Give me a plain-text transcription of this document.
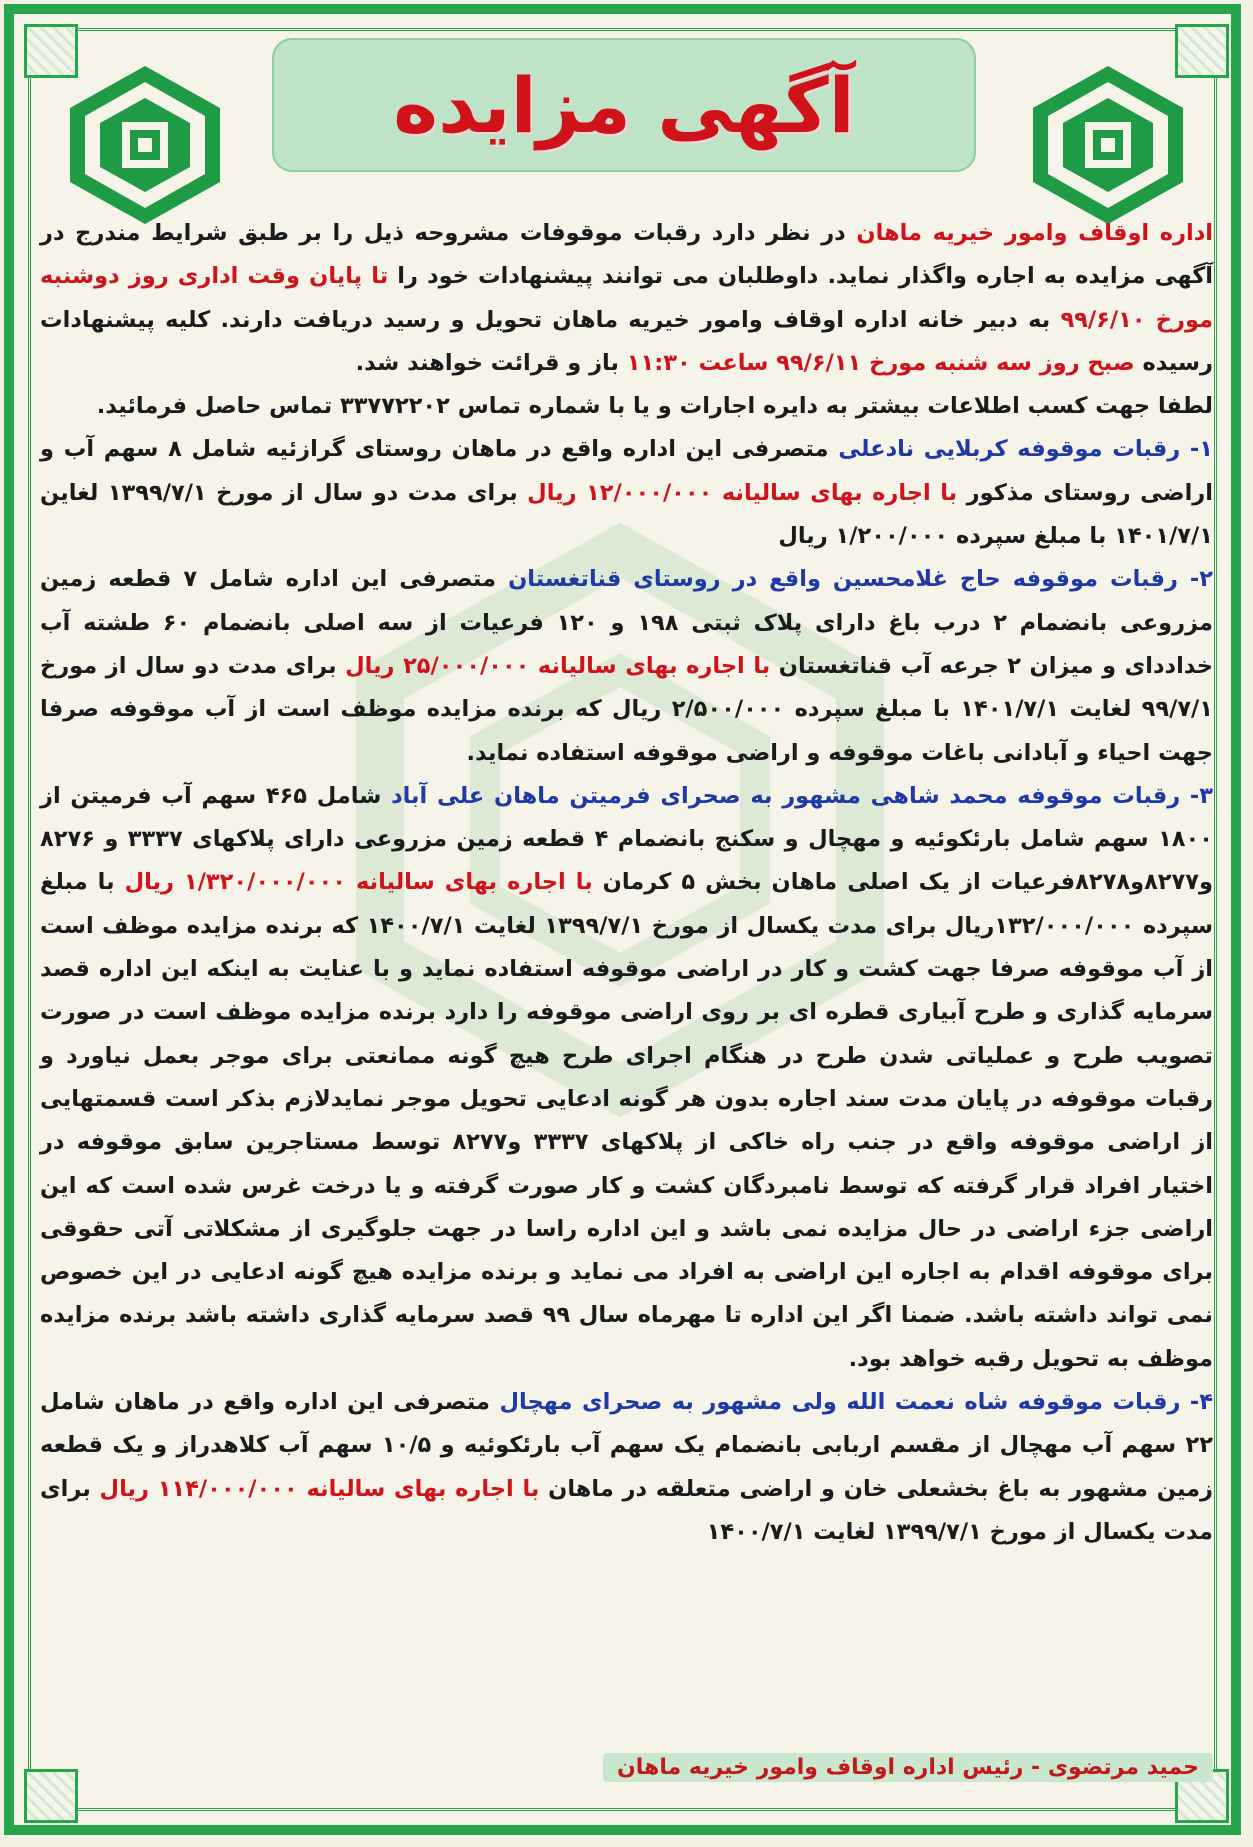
آگهی مزایده

اداره اوقاف وامور خیریه ماهان در نظر دارد رقبات موقوفات مشروحه ذیل را بر طبق شرایط مندرج در آگهی مزایده به اجاره واگذار نماید. داوطلبان می توانند پیشنهادات خود را تا پایان وقت اداری روز دوشنبه مورخ ۹۹/۶/۱۰ به دبیر خانه اداره اوقاف وامور خیریه ماهان تحویل و رسید دریافت دارند. کلیه پیشنهادات رسیده صبح روز سه شنبه مورخ ۹۹/۶/۱۱ ساعت ۱۱:۳۰ باز و قرائت خواهند شد.

لطفا جهت کسب اطلاعات بیشتر به دایره اجارات و یا با شماره تماس ۳۳۷۷۲۲۰۲ تماس حاصل فرمائید.

۱- رقبات موقوفه کربلایی نادعلی متصرفی این اداره واقع در ماهان روستای گرازئیه شامل ۸ سهم آب و اراضی روستای مذکور با اجاره بهای سالیانه ۱۲/۰۰۰/۰۰۰ ریال برای مدت دو سال از مورخ ۱۳۹۹/۷/۱ لغاین ۱۴۰۱/۷/۱ با مبلغ سپرده ۱/۲۰۰/۰۰۰ ریال

۲- رقبات موقوفه حاج غلامحسین واقع در روستای قناتغستان متصرفی این اداره شامل ۷ قطعه زمین مزروعی بانضمام ۲ درب باغ دارای پلاک ثبتی ۱۹۸ و ۱۲۰ فرعیات از سه اصلی بانضمام ۶۰ طشته آب خداددای و میزان ۲ جرعه آب قناتغستان با اجاره بهای سالیانه ۲۵/۰۰۰/۰۰۰ ریال برای مدت دو سال از مورخ ۹۹/۷/۱ لغایت ۱۴۰۱/۷/۱ با مبلغ سپرده ۲/۵۰۰/۰۰۰ ریال که برنده مزایده موظف است از آب موقوفه صرفا جهت احیاء و آبادانی باغات موقوفه و اراضی موقوفه استفاده نماید.

۳- رقبات موقوفه محمد شاهی مشهور به صحرای فرمیتن ماهان علی آباد شامل ۴۶۵ سهم آب فرمیتن از ۱۸۰۰ سهم شامل بارئکوئیه و مهچال و سکنج بانضمام ۴ قطعه زمین مزروعی دارای پلاکهای ۳۳۳۷ و ۸۲۷۶ و۸۲۷۷و۸۲۷۸فرعیات از یک اصلی ماهان بخش ۵ کرمان با اجاره بهای سالیانه ۱/۳۲۰/۰۰۰/۰۰۰ ریال با مبلغ سپرده ۱۳۲/۰۰۰/۰۰۰ریال برای مدت یکسال از مورخ ۱۳۹۹/۷/۱ لغایت ۱۴۰۰/۷/۱ که برنده مزایده موظف است از آب موقوفه صرفا جهت کشت و کار در اراضی موقوفه استفاده نماید و با عنایت به اینکه این اداره قصد سرمایه گذاری و طرح آبیاری قطره ای بر روی اراضی موقوفه را دارد برنده مزایده موظف است در صورت تصویب طرح و عملیاتی شدن طرح در هنگام اجرای طرح هیچ گونه ممانعتی برای موجر بعمل نیاورد و رقبات موقوفه در پایان مدت سند اجاره بدون هر گونه ادعایی تحویل موجر نمایدلازم بذکر است قسمتهایی از اراضی موقوفه واقع در جنب راه خاکی از پلاکهای ۳۳۳۷ و۸۲۷۷ توسط مستاجرین سابق موقوفه در اختیار افراد قرار گرفته که توسط نامبردگان کشت و کار صورت گرفته و یا درخت غرس شده است که این اراضی جزء اراضی در حال مزایده نمی باشد و این اداره راسا در جهت جلوگیری از مشکلاتی آتی حقوقی برای موقوفه اقدام به اجاره این اراضی به افراد می نماید و برنده مزایده هیچ گونه ادعایی در این خصوص نمی تواند داشته باشد. ضمنا اگر این اداره تا مهرماه سال ۹۹ قصد سرمایه گذاری داشته باشد برنده مزایده موظف به تحویل رقبه خواهد بود.

۴- رقبات موقوفه شاه نعمت الله ولی مشهور به صحرای مهچال متصرفی این اداره واقع در ماهان شامل ۲۲ سهم آب مهچال از مقسم اربابی بانضمام یک سهم آب بارئکوئیه و ۱۰/۵ سهم آب کلاهدراز و یک قطعه زمین مشهور به باغ بخشعلی خان و اراضی متعلقه در ماهان با اجاره بهای سالیانه ۱۱۴/۰۰۰/۰۰۰ ریال برای مدت یکسال از مورخ ۱۳۹۹/۷/۱ لغایت ۱۴۰۰/۷/۱

حمید مرتضوی - رئیس اداره اوقاف وامور خیریه ماهان
